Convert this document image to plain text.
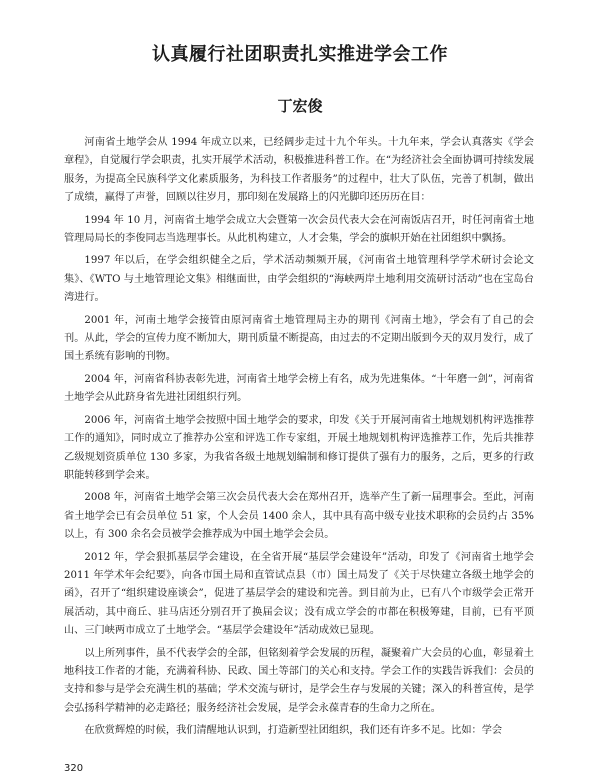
认真履行社团职责扎实推进学会工作
丁宏俊

河南省土地学会从 1994 年成立以来，已经阔步走过十九个年头。十九年来，学会认真落实《学会章程》，自觉履行学会职责，扎实开展学术活动，积极推进科普工作。在“为经济社会全面协调可持续发展服务，为提高全民族科学文化素质服务，为科技工作者服务”的过程中，壮大了队伍，完善了机制，做出了成绩，赢得了声誉，回顾以往岁月，那印刻在发展路上的闪光脚印还历历在目：

1994 年 10 月，河南省土地学会成立大会暨第一次会员代表大会在河南饭店召开，时任河南省土地管理局局长的李俊同志当选理事长。从此机构建立，人才会集，学会的旗帜开始在社团组织中飘扬。

1997 年以后，在学会组织健全之后，学术活动频频开展，《河南省土地管理科学学术研讨会论文集》、《WTO 与土地管理论文集》相继面世，由学会组织的“海峡两岸土地利用交流研讨活动”也在宝岛台湾进行。

2001 年，河南土地学会接管由原河南省土地管理局主办的期刊《河南土地》，学会有了自己的会刊。从此，学会的宣传力度不断加大，期刊质量不断提高，由过去的不定期出版到今天的双月发行，成了国土系统有影响的刊物。

2004 年，河南省科协表彰先进，河南省土地学会榜上有名，成为先进集体。“十年磨一剑”，河南省土地学会从此跻身省先进社团组织行列。

2006 年，河南省土地学会按照中国土地学会的要求，印发《关于开展河南省土地规划机构评选推荐工作的通知》，同时成立了推荐办公室和评选工作专家组，开展土地规划机构评选推荐工作，先后共推荐乙级规划资质单位 130 多家，为我省各级土地规划编制和修订提供了强有力的服务，之后，更多的行政职能转移到学会来。

2008 年，河南省土地学会第三次会员代表大会在郑州召开，选举产生了新一届理事会。至此，河南省土地学会已有会员单位 51 家，个人会员 1400 余人，其中具有高中级专业技术职称的会员约占 35%以上，有 300 余名会员被学会推荐成为中国土地学会会员。

2012 年，学会狠抓基层学会建设，在全省开展“基层学会建设年”活动，印发了《河南省土地学会 2011 年学术年会纪要》，向各市国土局和直管试点县（市）国土局发了《关于尽快建立各级土地学会的函》，召开了“组织建设座谈会”，促进了基层学会的建设和完善。到目前为止，已有八个市级学会正常开展活动，其中商丘、驻马店还分别召开了换届会议；没有成立学会的市都在积极筹建，目前，已有平顶山、三门峡两市成立了土地学会。“基层学会建设年”活动成效已显现。

以上所列事件，虽不代表学会的全部，但铭刻着学会发展的历程，凝聚着广大会员的心血，彰显着土地科技工作者的才能，充满着科协、民政、国土等部门的关心和支持。学会工作的实践告诉我们：会员的支持和参与是学会充满生机的基础；学术交流与研讨，是学会生存与发展的关键；深入的科普宣传，是学会弘扬科学精神的必走路径；服务经济社会发展，是学会永葆青春的生命力之所在。

在欣赏辉煌的时候，我们清醒地认识到，打造新型社团组织，我们还有许多不足。比如：学会

320
